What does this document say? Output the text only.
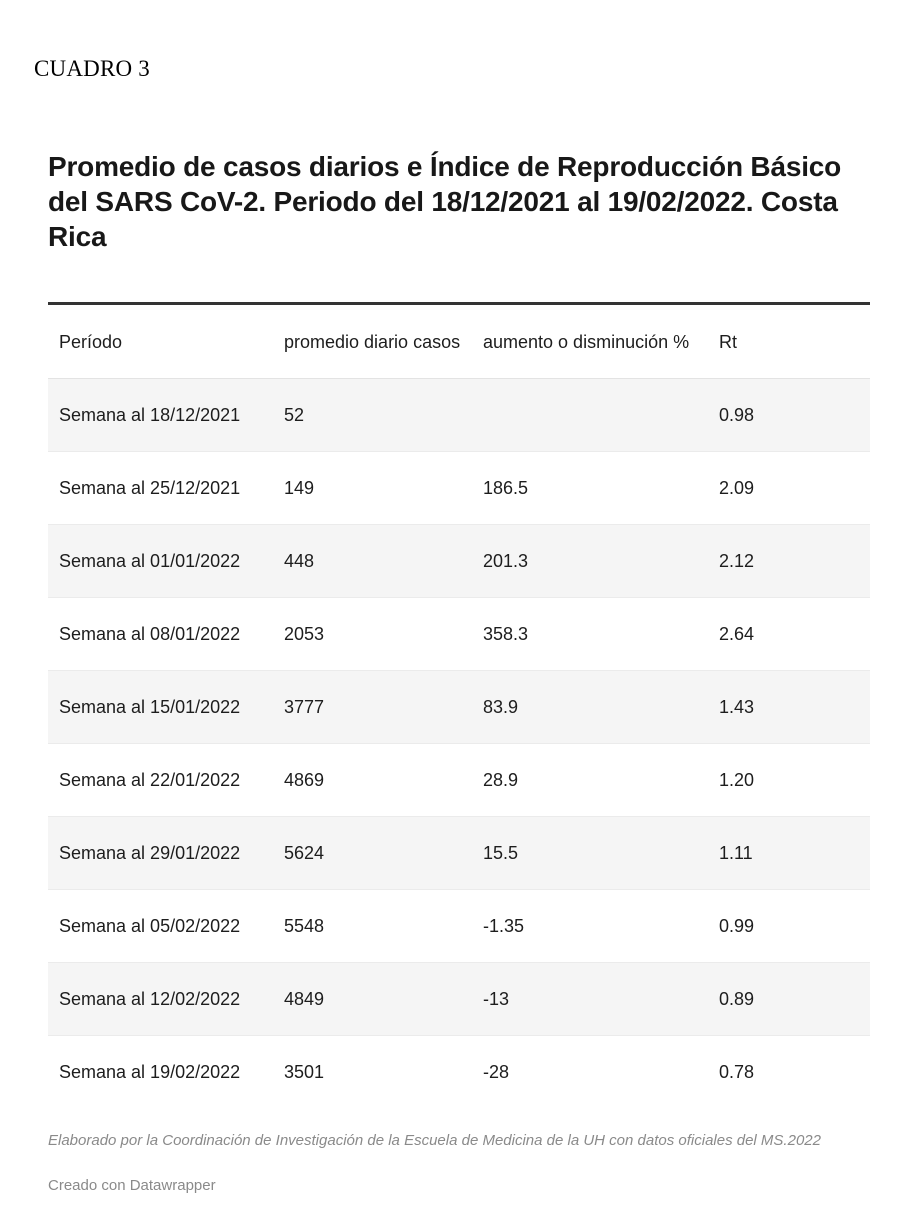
CUADRO 3
Promedio de casos diarios e Índice de Reproducción Básico del SARS CoV-2. Periodo del 18/12/2021 al 19/02/2022. Costa Rica
Período	promedio diario casos	aumento o disminución %	Rt
Semana al 18/12/2021	52		0.98
Semana al 25/12/2021	149	186.5	2.09
Semana al 01/01/2022	448	201.3	2.12
Semana al 08/01/2022	2053	358.3	2.64
Semana al 15/01/2022	3777	83.9	1.43
Semana al 22/01/2022	4869	28.9	1.20
Semana al 29/01/2022	5624	15.5	1.11
Semana al 05/02/2022	5548	-1.35	0.99
Semana al 12/02/2022	4849	-13	0.89
Semana al 19/02/2022	3501	-28	0.78
Elaborado por la Coordinación de Investigación de la Escuela de Medicina de la UH con datos oficiales del MS.2022
Creado con Datawrapper
